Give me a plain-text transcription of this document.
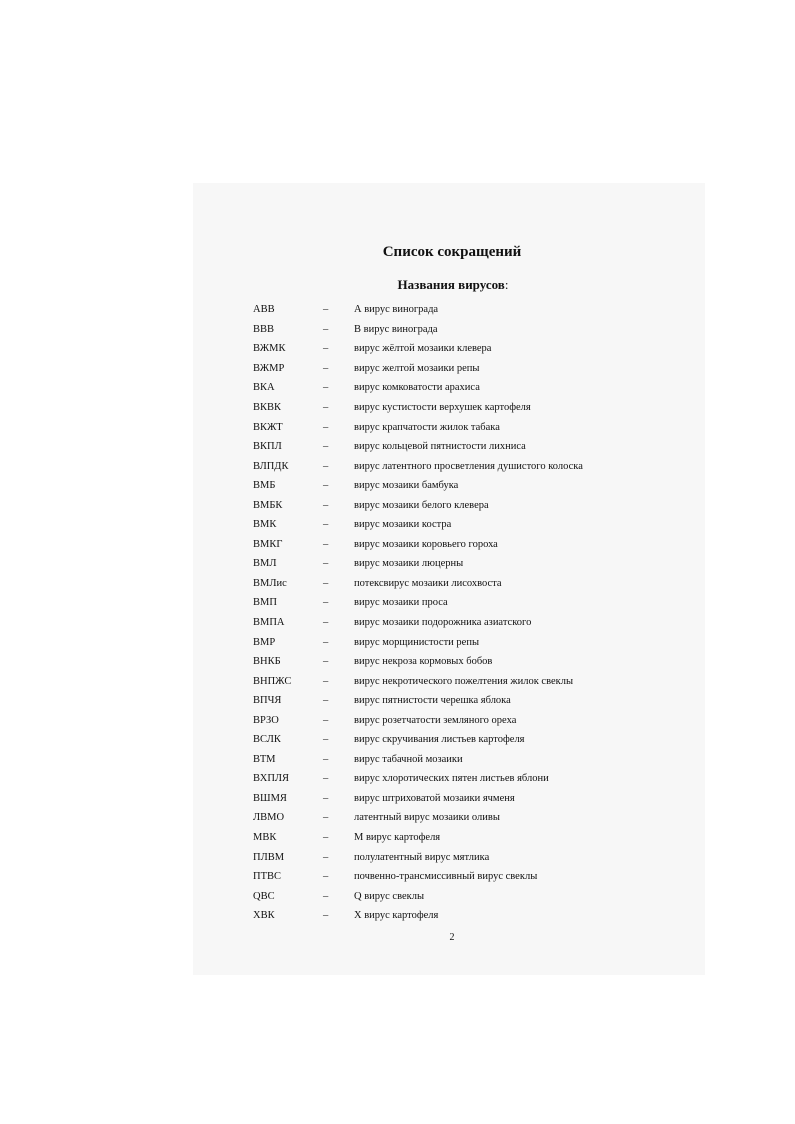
Список сокращений

Названия вирусов:

АВВ	–	А вирус винограда
ВВВ	–	В вирус винограда
ВЖМК	–	вирус жёлтой мозаики клевера
ВЖМР	–	вирус желтой мозаики репы
ВКА	–	вирус комковатости арахиса
ВКВК	–	вирус кустистости верхушек картофеля
ВКЖТ	–	вирус крапчатости жилок табака
ВКПЛ	–	вирус кольцевой пятнистости лихниса
ВЛПДК	–	вирус латентного просветления душистого колоска
ВМБ	–	вирус мозаики бамбука
ВМБК	–	вирус мозаики белого клевера
ВМК	–	вирус мозаики костра
ВМКГ	–	вирус мозаики коровьего гороха
ВМЛ	–	вирус мозаики люцерны
ВМЛис	–	потексвирус мозаики лисохвоста
ВМП	–	вирус мозаики проса
ВМПА	–	вирус мозаики подорожника азиатского
ВМР	–	вирус морщинистости репы
ВНКБ	–	вирус некроза кормовых бобов
ВНПЖС	–	вирус некротического пожелтения жилок свеклы
ВПЧЯ	–	вирус пятнистости черешка яблока
ВРЗО	–	вирус розетчатости земляного ореха
ВСЛК	–	вирус скручивания листьев картофеля
ВТМ	–	вирус табачной мозаики
ВХПЛЯ	–	вирус хлоротических пятен листьев яблони
ВШМЯ	–	вирус штриховатой мозаики ячменя
ЛВМО	–	латентный вирус мозаики оливы
МВК	–	М вирус картофеля
ПЛВМ	–	полулатентный вирус мятлика
ПТВС	–	почвенно-трансмиссивный вирус свеклы
QВС	–	Q вирус свеклы
ХВК	–	Х вирус картофеля

2
